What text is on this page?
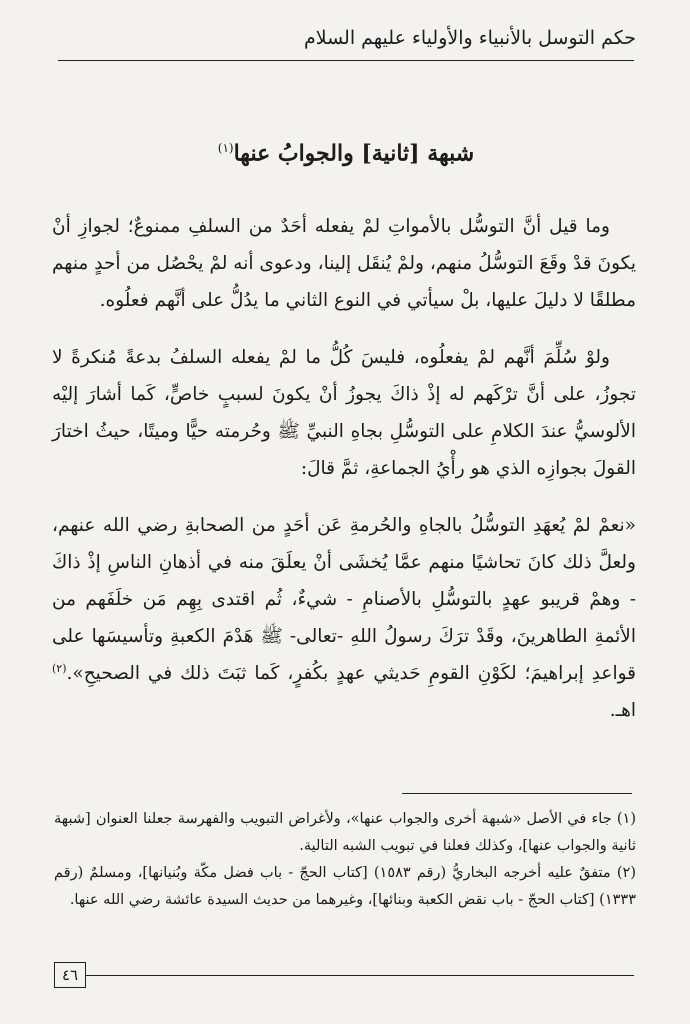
حكم التوسل بالأنبياء والأولياء عليهم السلام
شبهة [ثانية] والجوابُ عنها$^{(١)}$

وما قيل أنَّ التوسُّل بالأمواتِ لمْ يفعله أحَدٌ من السلفِ ممنوعٌ؛ لجوازِ أنْ يكونَ قدْ وقَعَ التوسُّلُ منهم، ولمْ يُنقَل إلينا، ودعوى أنه لمْ يحْصُل من أحدٍ منهم مطلقًا لا دليلَ عليها، بلْ سيأتي في النوع الثاني ما يدُلُّ على أنَّهم فعلُوه.

ولوْ سُلِّمَ أنَّهم لمْ يفعلُوه، فليسَ كُلُّ ما لمْ يفعله السلفُ بدعةً مُنكرةً لا تجوزُ، على أنَّ ترْكَهم له إذْ ذاكَ يجوزُ أنْ يكونَ لسببٍ خاصٍّ، كَما أشارَ إليْه الألوسيُّ عندَ الكلامِ على التوسُّلِ بجاهِ النبيِّ ﷺ وحُرمته حيًّا وميتًا، حيثُ اختارَ القولَ بجوازِه الذي هو رأْيُ الجماعةِ، ثمَّ قالَ:

«نعمْ لمْ يُعهَدِ التوسُّلُ بالجاهِ والحُرمةِ عَن أحَدٍ من الصحابةِ رضي الله عنهم، ولعلَّ ذلك كانَ تحاشيًا منهم عمَّا يُخشَى أنْ يعلَقَ منه في أذهانِ الناسِ إذْ ذاكَ - وهمْ قريبو عهدٍ بالتوسُّلِ بالأصنامِ - شيءٌ، ثُم اقتدى بِهِم مَن خلَفَهم من الأئمةِ الطاهرينَ، وقَدْ ترَكَ رسولُ اللهِ -تعالى- ﷺ هَدْمَ الكعبةِ وتأسيسَها على قواعدِ إبراهيمَ؛ لكَوْنِ القومِ حَديثي عهدٍ بكُفرٍ، كَما ثبَتَ ذلك في الصحيحِ».$^{(٢)}$ اهـ.

(١) جاء في الأصل «شبهة أخرى والجواب عنها»، ولأغراض التبويب والفهرسة جعلنا العنوان [شبهة ثانية والجواب عنها]، وكذلك فعلنا في تبويب الشبه التالية.

(٢) متفقٌ عليه أخرجه البخاريُّ (رقم ١٥٨٣) [كتاب الحجّ - باب فضل مكّة وبُنيانها]، ومسلمٌ (رقم ١٣٣٣) [كتاب الحجّ - باب نقض الكعبة وبنائها]، وغيرهما من حديث السيدة عائشة رضي الله عنها.

٤٦
